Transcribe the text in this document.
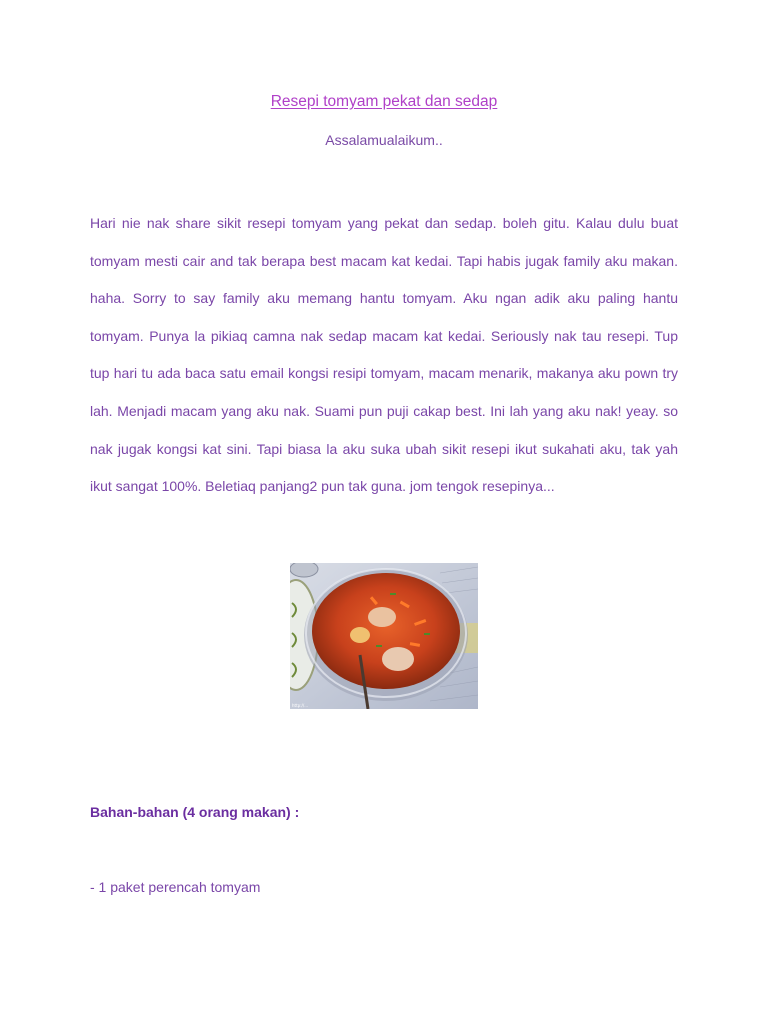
Resepi tomyam pekat dan sedap
Assalamualaikum..

Hari nie nak share sikit resepi tomyam yang pekat dan sedap. boleh gitu. Kalau dulu buat tomyam mesti cair and tak berapa best macam kat kedai. Tapi habis jugak family aku makan. haha. Sorry to say family aku memang hantu tomyam. Aku ngan adik aku paling hantu tomyam. Punya la pikiaq camna nak sedap macam kat kedai. Seriously nak tau resepi. Tup tup hari tu ada baca satu email kongsi resipi tomyam, macam menarik, makanya aku pown try lah. Menjadi macam yang aku nak. Suami pun puji cakap best. Ini lah yang aku nak! yeay. so nak jugak kongsi kat sini. Tapi biasa la aku suka ubah sikit resepi ikut sukahati aku, tak yah ikut sangat 100%. Beletiaq panjang2 pun tak guna. jom tengok resepinya...

http://...
Bahan-bahan (4 orang makan) :

- 1 paket perencah tomyam
